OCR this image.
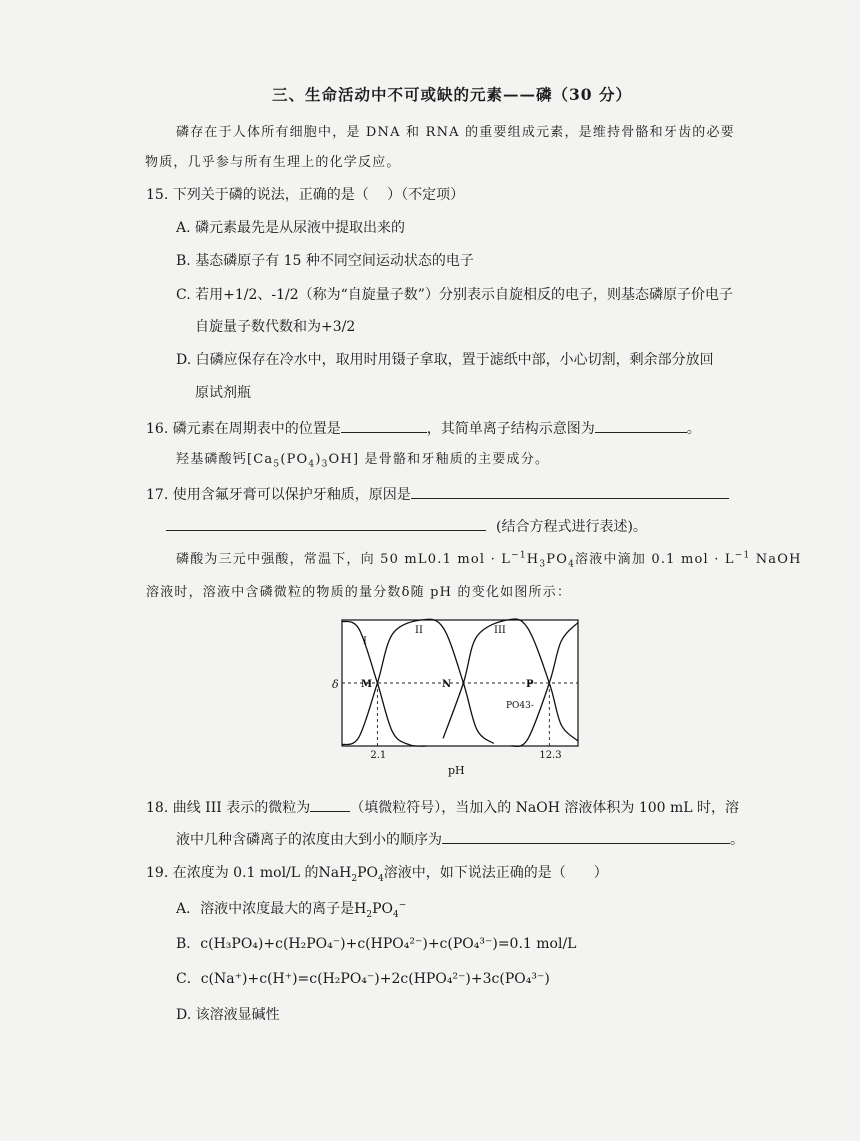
三、生命活动中不可或缺的元素——磷（30 分）
磷存在于人体所有细胞中，是 DNA 和 RNA 的重要组成元素，是维持骨骼和牙齿的必要
物质，几乎参与所有生理上的化学反应。
15. 下列关于磷的说法，正确的是（　 ）（不定项）
A. 磷元素最先是从尿液中提取出来的
B. 基态磷原子有 15 种不同空间运动状态的电子
C. 若用+1/2、-1/2（称为“自旋量子数”）分别表示自旋相反的电子，则基态磷原子价电子
自旋量子数代数和为+3/2
D. 白磷应保存在冷水中，取用时用镊子拿取，置于滤纸中部，小心切割，剩余部分放回
原试剂瓶
16. 磷元素在周期表中的位置是	，其简单离子结构示意图为	。
羟基磷酸钙$[Ca_5(PO_4)_3OH]$ 是骨骼和牙釉质的主要成分。
17. 使用含氟牙膏可以保护牙釉质，原因是
(结合方程式进行表述)。
磷酸为三元中强酸，常温下，向 50 mL0.1 mol · $L^{-1}H_3PO_4$溶液中滴加 0.1 mol · $L^{-1}$ NaOH
溶液时，溶液中含磷微粒的物质的量分数δ随 pH 的变化如图所示：
δ
pH
2.1	12.3
I
II	III
PO43-
M	N	P
18. 曲线 III 表示的微粒为	（填微粒符号），当加入的 NaOH 溶液体积为 100 mL 时，溶
液中几种含磷离子的浓度由大到小的顺序为	。
19. 在浓度为 0.1 mol/L 的$NaH_2PO_4$溶液中，如下说法正确的是（　　）
A．溶液中浓度最大的离子是$H_2PO_4^-$
B．c(H₃PO₄)+c(H₂PO₄⁻)+c(HPO₄²⁻)+c(PO₄³⁻)=0.1 mol/L
C．c(Na⁺)+c(H⁺)=c(H₂PO₄⁻)+2c(HPO₄²⁻)+3c(PO₄³⁻)
D. 该溶液显碱性
